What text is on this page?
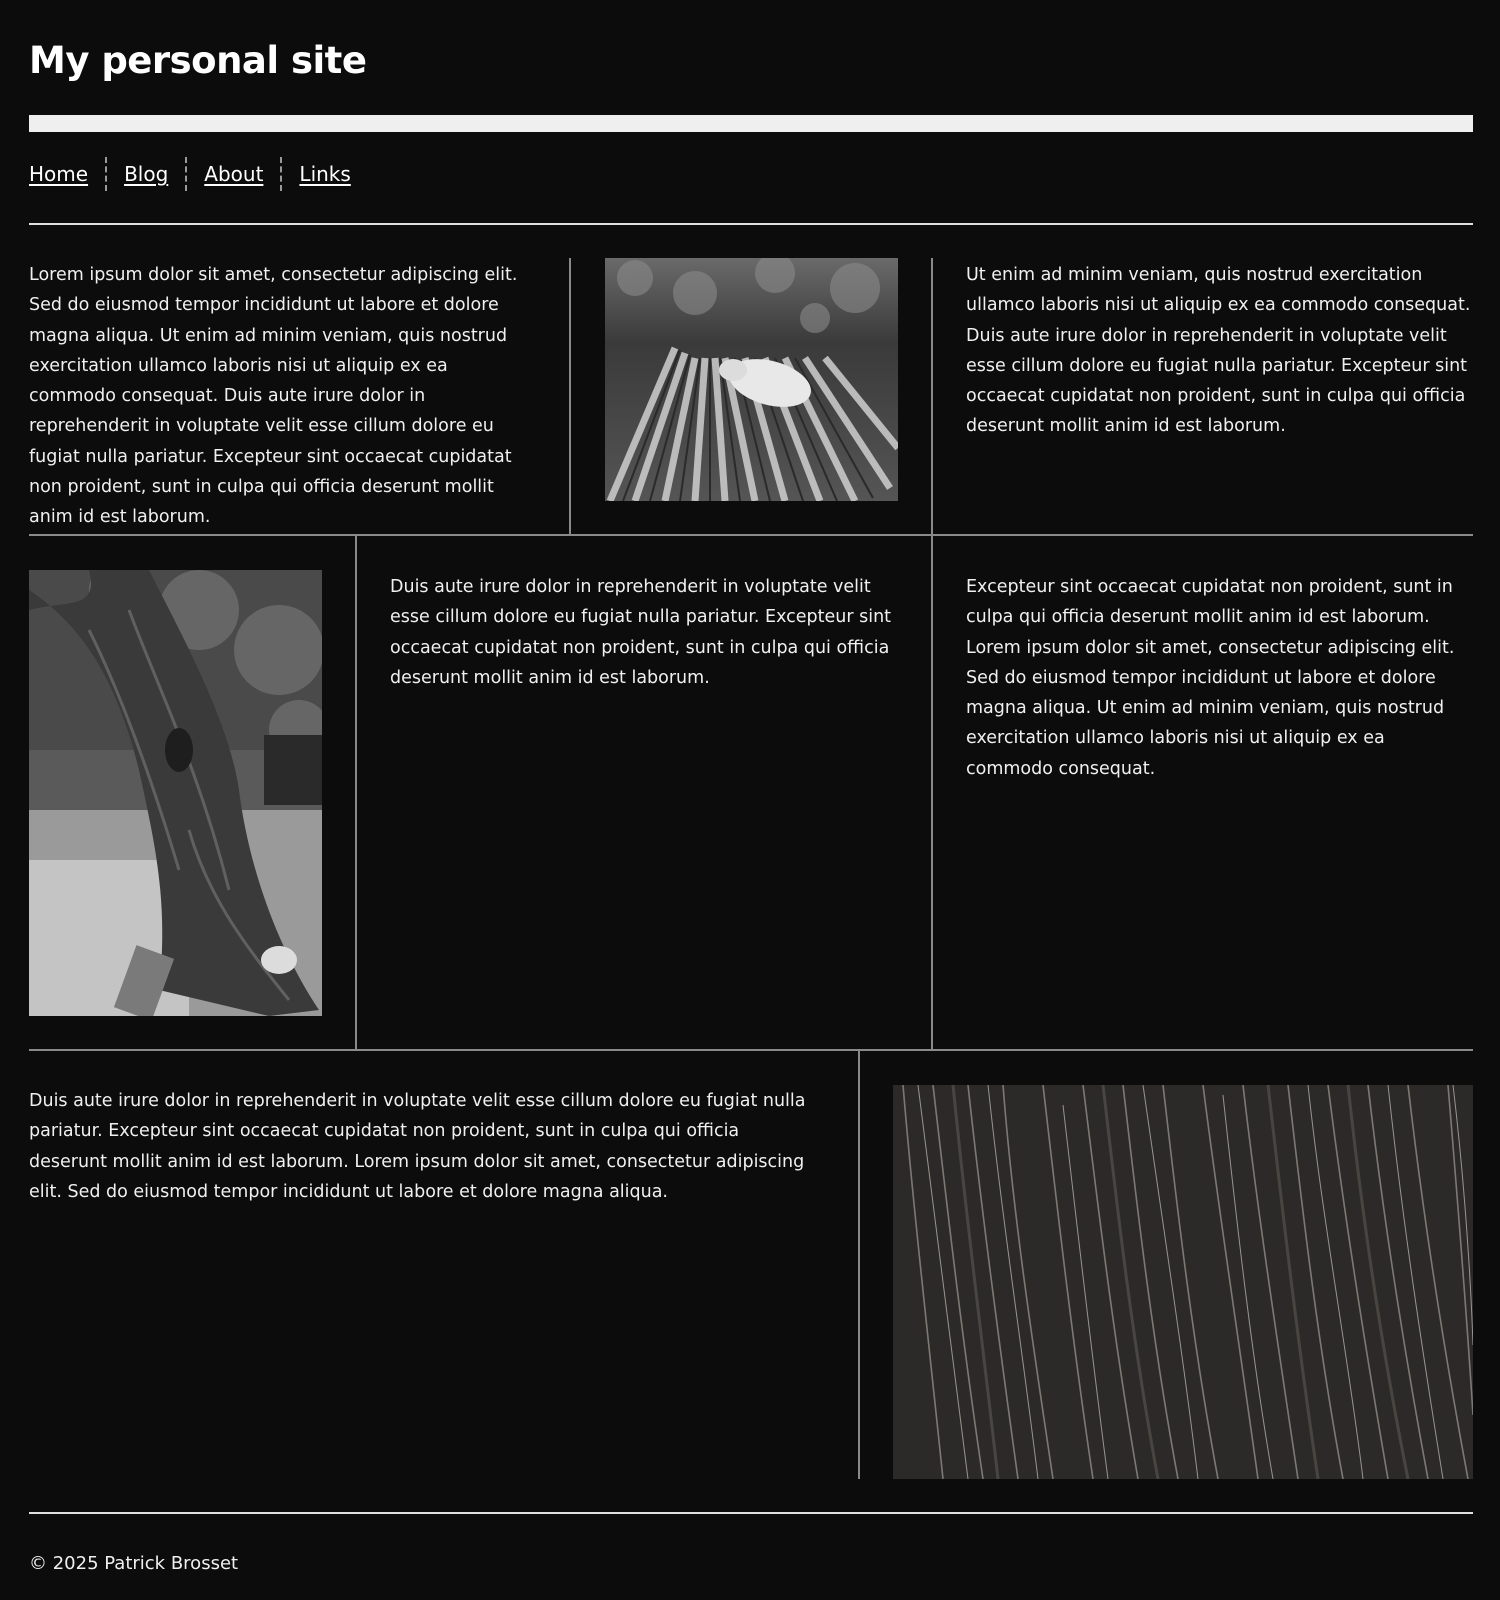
My personal site
Home	Blog	About	Links

Lorem ipsum dolor sit amet, consectetur adipiscing elit. Sed do eiusmod tempor incididunt ut labore et dolore magna aliqua. Ut enim ad minim veniam, quis nostrud exercitation ullamco laboris nisi ut aliquip ex ea commodo consequat. Duis aute irure dolor in reprehenderit in voluptate velit esse cillum dolore eu fugiat nulla pariatur. Excepteur sint occaecat cupidatat non proident, sunt in culpa qui officia deserunt mollit anim id est laborum.

Ut enim ad minim veniam, quis nostrud exercitation ullamco laboris nisi ut aliquip ex ea commodo consequat. Duis aute irure dolor in reprehenderit in voluptate velit esse cillum dolore eu fugiat nulla pariatur. Excepteur sint occaecat cupidatat non proident, sunt in culpa qui officia deserunt mollit anim id est laborum.

Duis aute irure dolor in reprehenderit in voluptate velit esse cillum dolore eu fugiat nulla pariatur. Excepteur sint occaecat cupidatat non proident, sunt in culpa qui officia deserunt mollit anim id est laborum.

Excepteur sint occaecat cupidatat non proident, sunt in culpa qui officia deserunt mollit anim id est laborum. Lorem ipsum dolor sit amet, consectetur adipiscing elit. Sed do eiusmod tempor incididunt ut labore et dolore magna aliqua. Ut enim ad minim veniam, quis nostrud exercitation ullamco laboris nisi ut aliquip ex ea commodo consequat.

Duis aute irure dolor in reprehenderit in voluptate velit esse cillum dolore eu fugiat nulla pariatur. Excepteur sint occaecat cupidatat non proident, sunt in culpa qui officia deserunt mollit anim id est laborum. Lorem ipsum dolor sit amet, consectetur adipiscing elit. Sed do eiusmod tempor incididunt ut labore et dolore magna aliqua.

© 2025 Patrick Brosset
